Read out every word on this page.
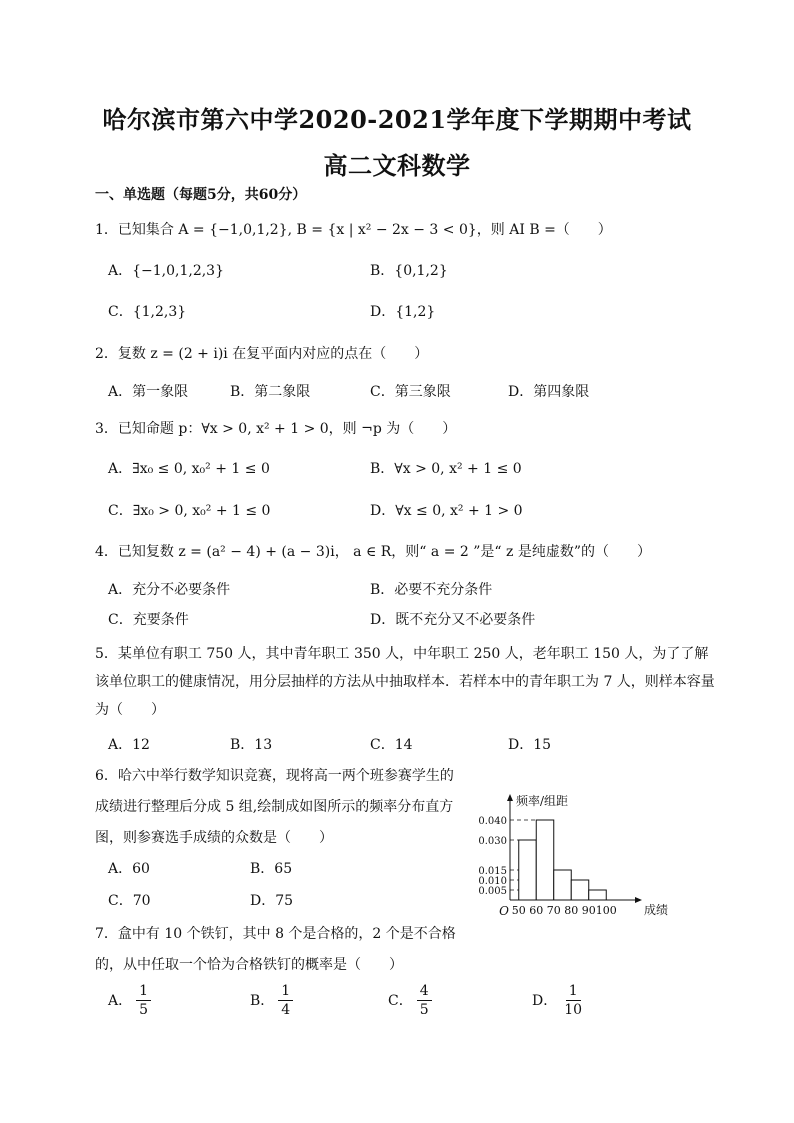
哈尔滨市第六中学2020-2021学年度下学期期中考试
高二文科数学
一、单选题（每题5分，共60分）
1．已知集合 A = {−1,0,1,2}, B = {x | x² − 2x − 3 < 0}，则 AI B =（　　）
A．{−1,0,1,2,3}	B．{0,1,2}
C．{1,2,3}	D．{1,2}
2．复数 z = (2 + i)i 在复平面内对应的点在（　　）
A．第一象限	B．第二象限	C．第三象限	D．第四象限
3．已知命题 p：∀x > 0, x² + 1 > 0，则 ¬p 为（　　）
A．∃x₀ ≤ 0, x₀² + 1 ≤ 0	B．∀x > 0, x² + 1 ≤ 0
C．∃x₀ > 0, x₀² + 1 ≤ 0	D．∀x ≤ 0, x² + 1 > 0
4．已知复数 z = (a² − 4) + (a − 3)i， a ∈ R，则“ a = 2 ”是“ z 是纯虚数”的（　　）
A．充分不必要条件	B．必要不充分条件
C．充要条件	D．既不充分又不必要条件
5．某单位有职工 750 人，其中青年职工 350 人，中年职工 250 人，老年职工 150 人，为了了解该单位职工的健康情况，用分层抽样的方法从中抽取样本．若样本中的青年职工为 7 人，则样本容量为（　　）
A．12	B．13	C．14	D．15
6．哈六中举行数学知识竞赛，现将高一两个班参赛学生的
成绩进行整理后分成 5 组,绘制成如图所示的频率分布直方
图，则参赛选手成绩的众数是（　　）
A．60	B．65
C．70	D．75
0.040
0.030
0.015
0.010
0.005
50 60 70 80 90 100
O
频率/组距
成绩
7．盒中有 10 个铁钉，其中 8 个是合格的，2 个是不合格
的，从中任取一个恰为合格铁钉的概率是（　　）
A． $\frac{1}{5}$	B． $\frac{1}{4}$	C． $\frac{4}{5}$	D． $\frac{1}{10}$
